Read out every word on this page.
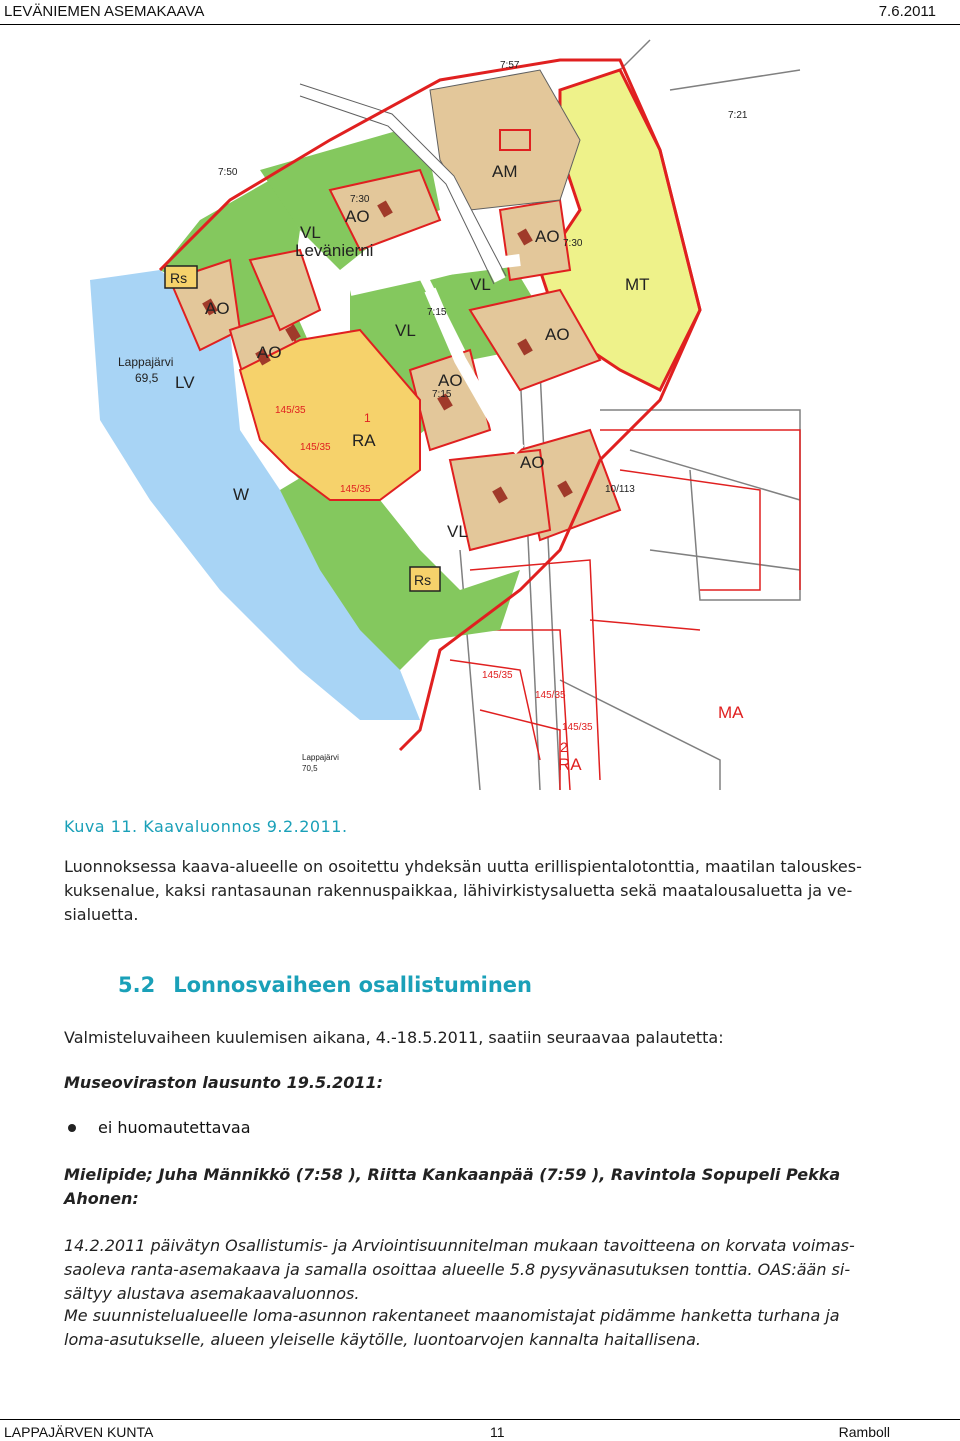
LEVÄNIEMEN ASEMAKAAVA	7.6.2011
AM
AO
AO
AO
AO
AO
AO
AO
VL
VL
VL
VL
MT
RA
W
LV
MA
RA
Rs
Rs
Levänierni
Lappajärvi
69,5
Lappajärvi
70,5
7:57
7:21
7:50
7:30
7:30
7:15
7:15
10/113
145/35
145/35
145/35
145/35
145/35
145/35
2
1
Kuva 11. Kaavaluonnos 9.2.2011.
Luonnoksessa kaava-alueelle on osoitettu yhdeksän uutta erillispientalotonttia, maatilan talouskes-
kuksenalue, kaksi rantasaunan rakennuspaikkaa, lähivirkistysaluetta sekä maatalousaluetta ja ve-
sialuetta.
5.2 Lonnosvaiheen osallistuminen
Valmisteluvaiheen kuulemisen aikana, 4.-18.5.2011, saatiin seuraavaa palautetta:
Museoviraston lausunto 19.5.2011:
ei huomautettavaa
Mielipide; Juha Männikkö (7:58 ), Riitta Kankaanpää (7:59 ), Ravintola Sopupeli Pekka
Ahonen:
14.2.2011 päivätyn Osallistumis- ja Arviointisuunnitelman mukaan tavoitteena on korvata voimas-
saoleva ranta-asemakaava ja samalla osoittaa alueelle 5.8 pysyvänasutuksen tonttia. OAS:ään si-
sältyy alustava asemakaavaluonnos.
Me suunnistelualueelle loma-asunnon rakentaneet maanomistajat pidämme hanketta turhana ja
loma-asutukselle, alueen yleiselle käytölle, luontoarvojen kannalta haitallisena.
LAPPAJÄRVEN KUNTA	11	Ramboll
